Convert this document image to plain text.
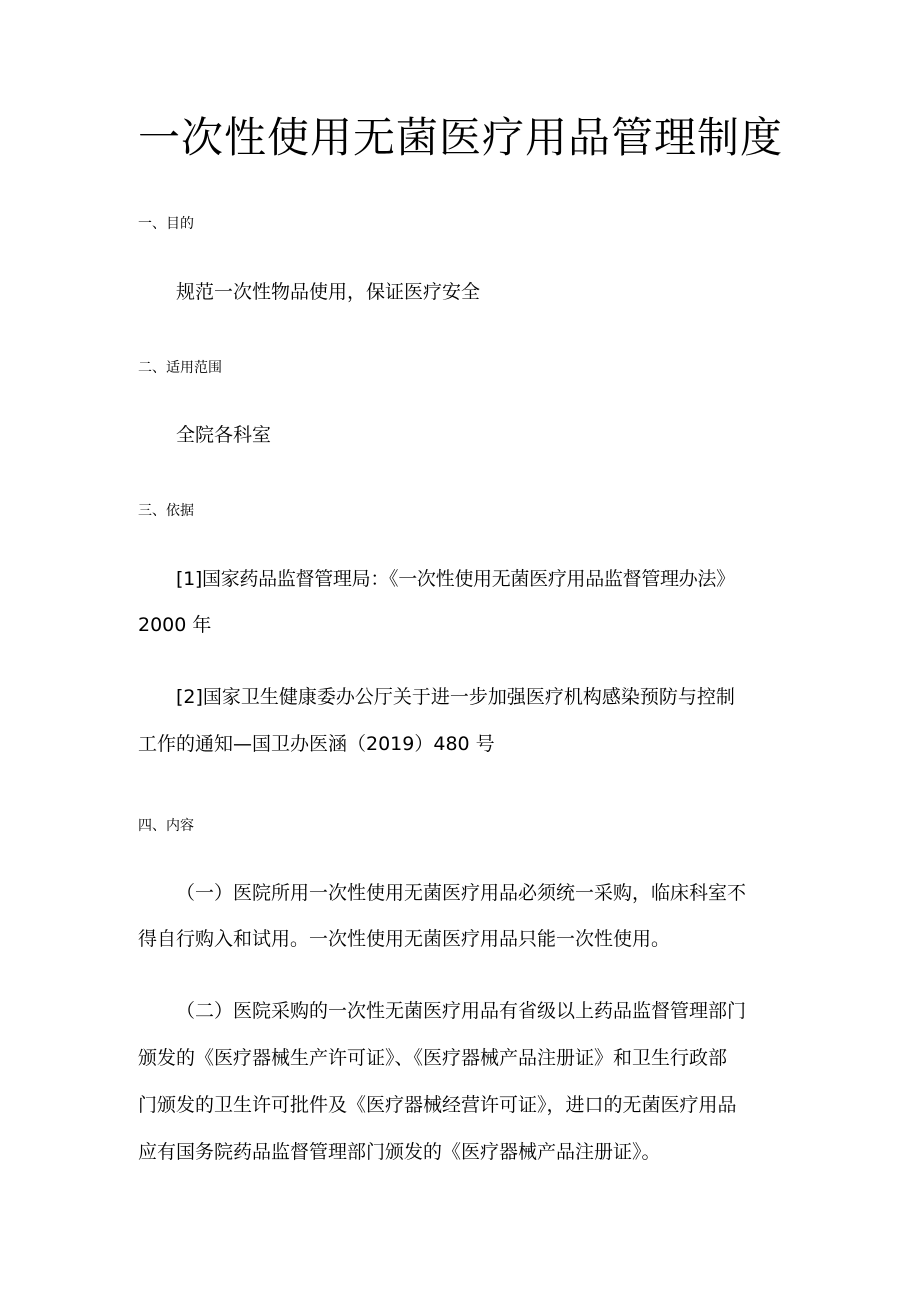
一次性使用无菌医疗用品管理制度
一、目的
规范一次性物品使用，保证医疗安全
二、适用范围
全院各科室
三、依据
[1]国家药品监督管理局：《一次性使用无菌医疗用品监督管理办法》
2000 年
[2]国家卫生健康委办公厅关于进一步加强医疗机构感染预防与控制
工作的通知—国卫办医涵（2019）480 号
四、内容
（一）医院所用一次性使用无菌医疗用品必须统一采购，临床科室不
得自行购入和试用。一次性使用无菌医疗用品只能一次性使用。
（二）医院采购的一次性无菌医疗用品有省级以上药品监督管理部门
颁发的《医疗器械生产许可证》、《医疗器械产品注册证》和卫生行政部
门颁发的卫生许可批件及《医疗器械经营许可证》，进口的无菌医疗用品
应有国务院药品监督管理部门颁发的《医疗器械产品注册证》。
